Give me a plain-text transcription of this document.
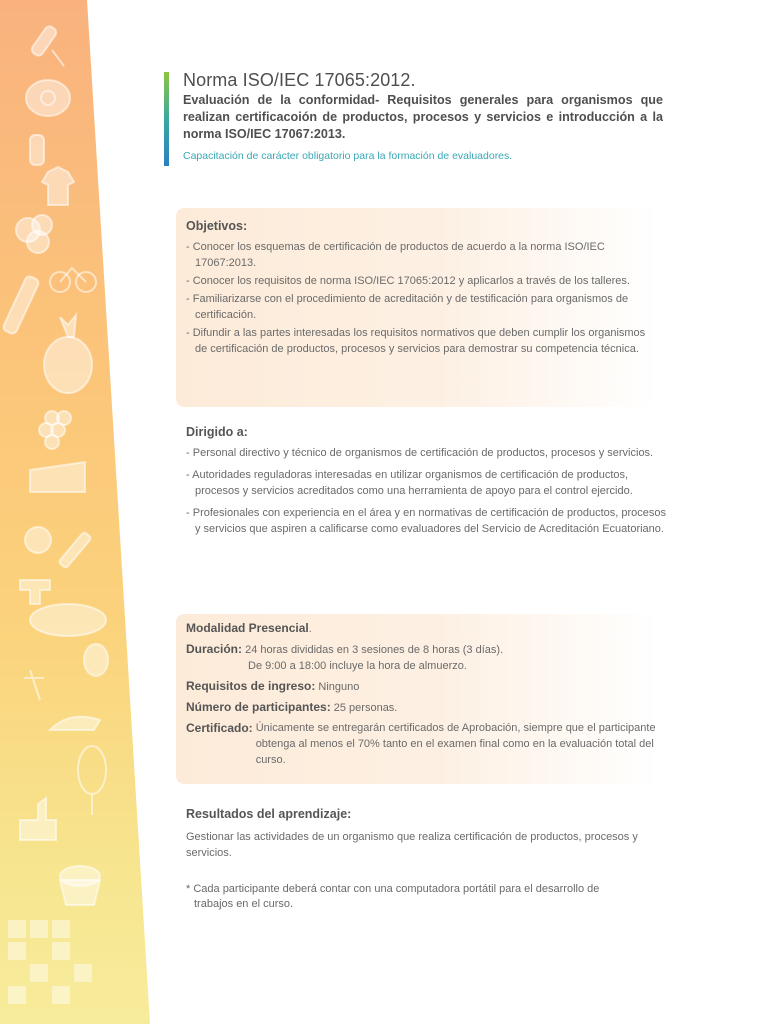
Norma ISO/IEC 17065:2012.
Evaluación de la conformidad- Requisitos generales para organismos que realizan certificacoión de productos, procesos y servicios e introducción a la norma ISO/IEC 17067:2013.
Capacitación de carácter obligatorio para la formación de evaluadores.
Objetivos:
- Conocer los esquemas de certificación de productos de acuerdo a la norma ISO/IEC 17067:2013.
- Conocer los requisitos de norma ISO/IEC 17065:2012 y aplicarlos a través de los talleres.
- Familiarizarse con el procedimiento de acreditación y de testificación para organismos de certificación.
- Difundir a las partes interesadas los requisitos normativos que deben cumplir los organismos de certificación de productos, procesos y servicios para demostrar su competencia técnica.
Dirigido a:
- Personal directivo y técnico de organismos de certificación de productos, procesos y servicios.
- Autoridades reguladoras interesadas en utilizar organismos de certificación de productos, procesos y servicios acreditados como una herramienta de apoyo para el control ejercido.
- Profesionales con experiencia en el área y en normativas de certificación de productos, procesos y servicios que aspiren a calificarse como evaluadores del Servicio de Acreditación Ecuatoriano.
Modalidad Presencial.
Duración: 24 horas divididas en 3 sesiones de 8 horas (3 días).
De 9:00 a 18:00 incluye la hora de almuerzo.
Requisitos de ingreso: Ninguno
Número de participantes: 25 personas.
Certificado: Únicamente se entregarán certificados de Aprobación, siempre que el participante obtenga al menos el 70% tanto en el examen final como en la evaluación total del curso.
Resultados del aprendizaje:
Gestionar las actividades de un organismo que realiza certificación de productos, procesos y servicios.
* Cada participante deberá contar con una computadora portátil para el desarrollo de
trabajos en el curso.
